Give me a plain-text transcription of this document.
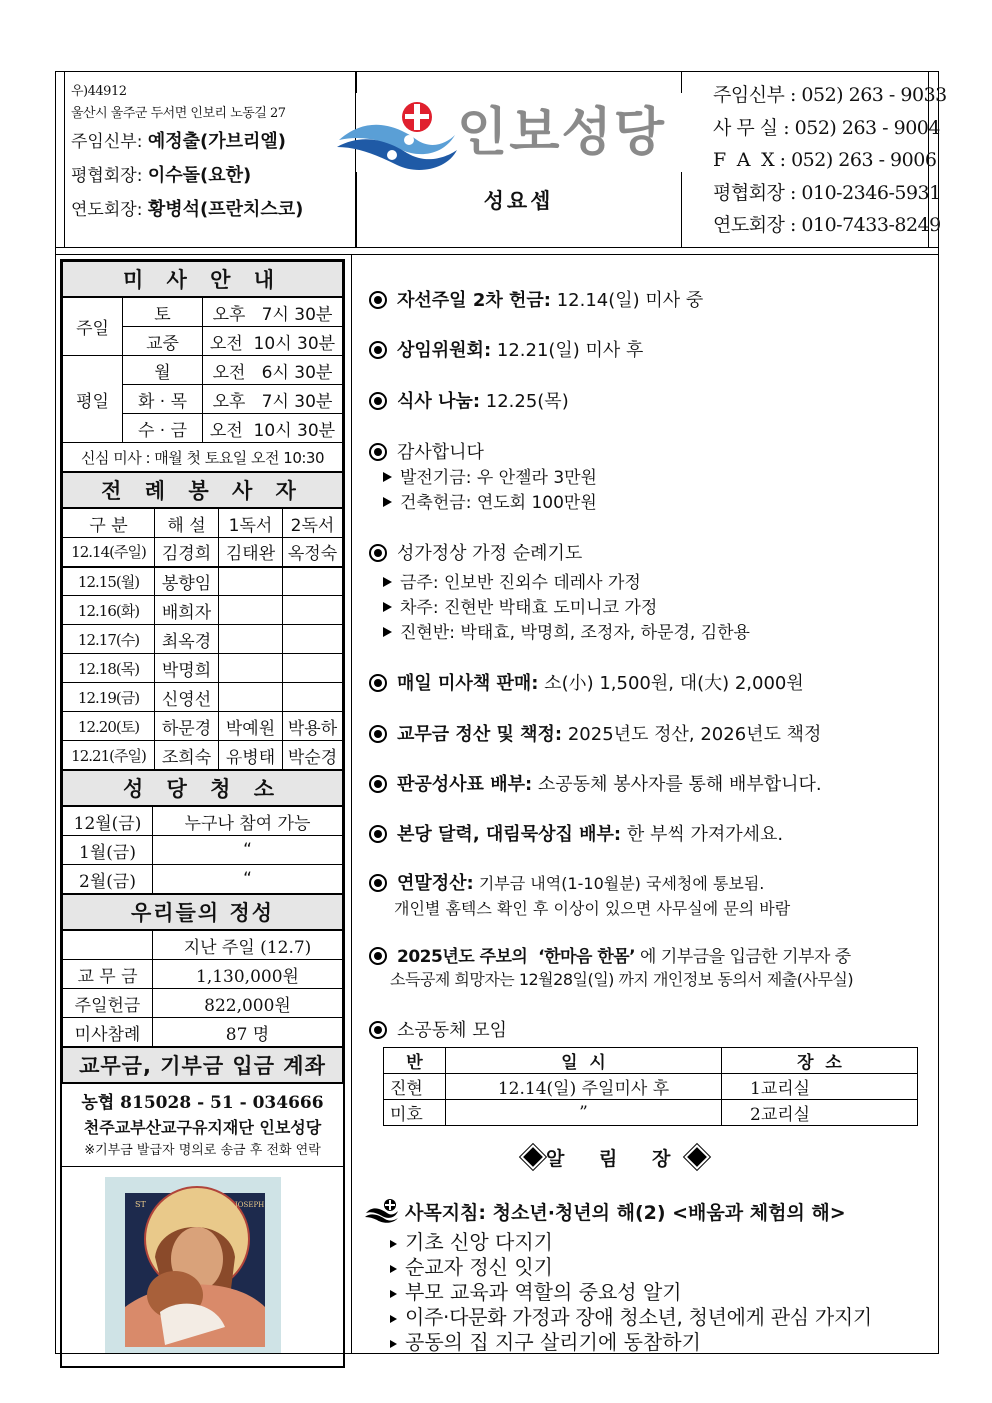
우)44912
울산시 울주군 두서면 인보리 노동길 27
주임신부: 예정출(가브리엘)
평협회장: 이수돌(요한)
연도회장: 황병석(프란치스코)
인보성당
성요셉
주임신부 : 052) 263 - 9033
사 무 실 : 052) 263 - 9004
F  A  X : 052) 263 - 9006
평협회장 : 010-2346-5931
연도회장 : 010-7433-8249
미 사 안 내
주일	토	오후   7시 30분
	교중	오전  10시 30분
평일	월	오전   6시 30분
	화 · 목	오후   7시 30분
	수 · 금	오전  10시 30분
신심 미사 : 매월 첫 토요일 오전 10:30		
전 례 봉 사 자
구 분	해 설	1독서	2독서
12.14(주일)	김경희	김태완	옥정숙
12.15(월)	봉향임		
12.16(화)	배희자		
12.17(수)	최옥경		
12.18(목)	박명희		
12.19(금)	신영선		
12.20(토)	하문경	박예원	박용하
12.21(주일)	조희숙	유병태	박순경
성 당 청 소
12월(금)	누구나 참여 가능
1월(금)	“
2월(금)	“
우리들의 정성
	지난 주일 (12.7)
교 무 금	1,130,000원
주일헌금	822,000원
미사참례	87 명
교무금, 기부금 입금 계좌
농협 815028 - 51 - 034666
천주교부산교구유지재단 인보성당
※기부금 발급자 명의로 송금 후 전화 연락
ST	JOSEPH
자선주일 2차 헌금: 12.14(일) 미사 중
상임위원회: 12.21(일) 미사 후
식사 나눔: 12.25(목)
감사합니다
발전기금: 우 안젤라 3만원
건축헌금: 연도회 100만원
성가정상 가정 순례기도
금주: 인보반 진외수 데레사 가정
차주: 진현반 박태효 도미니코 가정
진현반: 박태효, 박명희, 조정자, 하문경, 김한용
매일 미사책 판매: 소(小) 1,500원, 대(大) 2,000원
교무금 정산 및 책정: 2025년도 정산, 2026년도 책정
판공성사표 배부: 소공동체 봉사자를 통해 배부합니다.
본당 달력, 대림묵상집 배부: 한 부씩 가져가세요.
연말정산: 기부금 내역(1-10월분) 국세청에 통보됨.
개인별 홈텍스 확인 후 이상이 있으면 사무실에 문의 바람
2025년도 주보의  ‘한마음 한몸’ 에 기부금을 입금한 기부자 중
소득공제 희망자는 12월28일(일) 까지 개인정보 동의서 제출(사무실)
소공동체 모임
반	일  시	장  소
진현	12.14(일) 주일미사 후	1교리실
미호	”	2교리실
알 림 장
사목지침: 청소년·청년의 해(2) <배움과 체험의 해>
기초 신앙 다지기
순교자 정신 잇기
부모 교육과 역할의 중요성 알기
이주·다문화 가정과 장애 청소년, 청년에게 관심 가지기
공동의 집 지구 살리기에 동참하기
